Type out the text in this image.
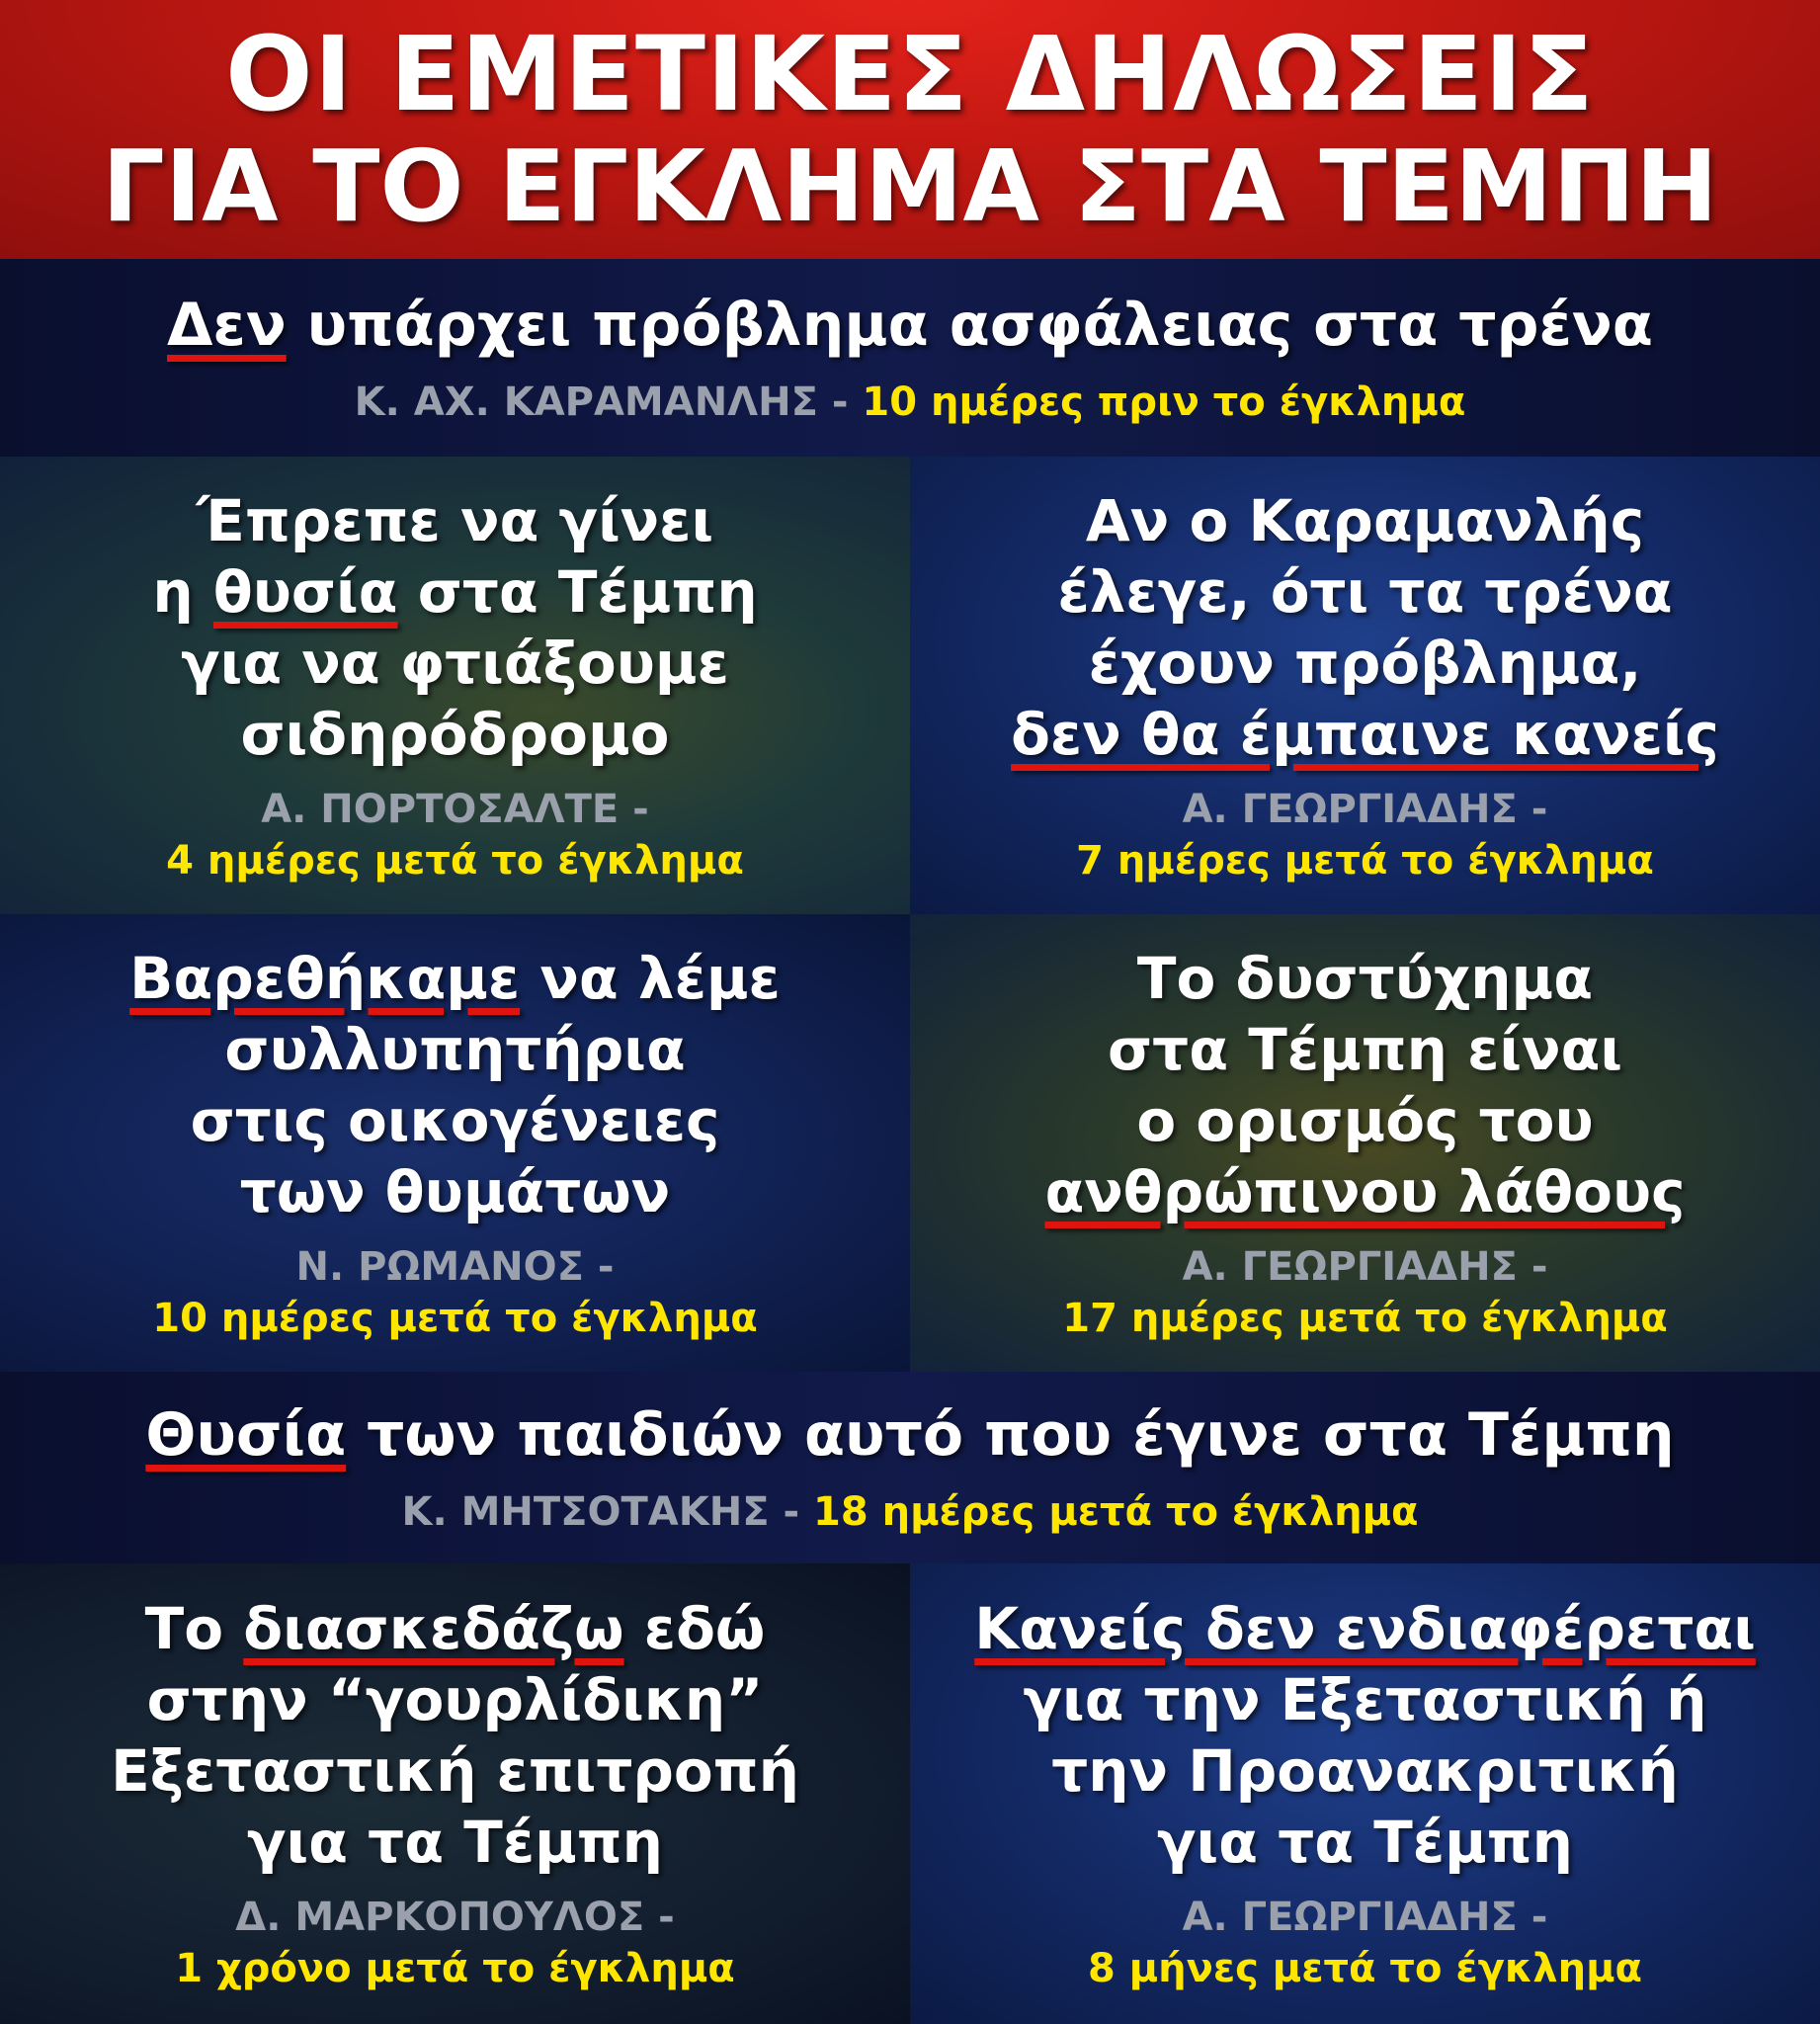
ΟΙ ΕΜΕΤΙΚΕΣ ΔΗΛΩΣΕΙΣ
ΓΙΑ ΤΟ ΕΓΚΛΗΜΑ ΣΤΑ ΤΕΜΠΗ
Δεν υπάρχει πρόβλημα ασφάλειας στα τρένα
Κ. ΑΧ. ΚΑΡΑΜΑΝΛΗΣ - 10 ημέρες πριν το έγκλημα
Έπρεπε να γίνει
η θυσία στα Τέμπη
για να φτιάξουμε
σιδηρόδρομο
Α. ΠΟΡΤΟΣΑΛΤΕ -
4 ημέρες μετά το έγκλημα
Αν ο Καραμανλής
έλεγε, ότι τα τρένα
έχουν πρόβλημα,
δεν θα έμπαινε κανείς
Α. ΓΕΩΡΓΙΑΔΗΣ -
7 ημέρες μετά το έγκλημα
Βαρεθήκαμε να λέμε
συλλυπητήρια
στις οικογένειες
των θυμάτων
Ν. ΡΩΜΑΝΟΣ -
10 ημέρες μετά το έγκλημα
Το δυστύχημα
στα Τέμπη είναι
ο ορισμός του
ανθρώπινου λάθους
Α. ΓΕΩΡΓΙΑΔΗΣ -
17 ημέρες μετά το έγκλημα
Θυσία των παιδιών αυτό που έγινε στα Τέμπη
Κ. ΜΗΤΣΟΤΑΚΗΣ - 18 ημέρες μετά το έγκλημα
Το διασκεδάζω εδώ
στην “γουρλίδικη”
Εξεταστική επιτροπή
για τα Τέμπη
Δ. ΜΑΡΚΟΠΟΥΛΟΣ -
1 χρόνο μετά το έγκλημα
Κανείς δεν ενδιαφέρεται
για την Εξεταστική ή
την Προανακριτική
για τα Τέμπη
Α. ΓΕΩΡΓΙΑΔΗΣ -
8 μήνες μετά το έγκλημα
